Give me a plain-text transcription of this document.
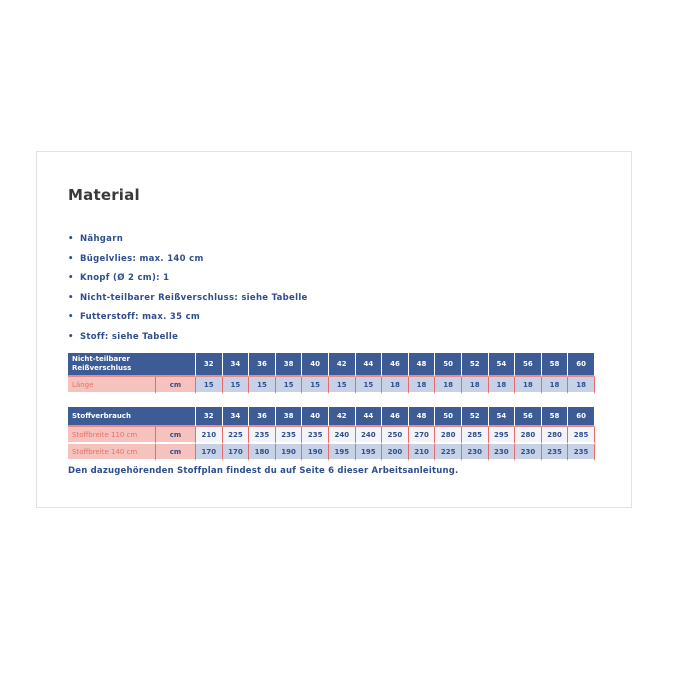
Material
• Nähgarn
• Bügelvlies: max. 140 cm
• Knopf (Ø 2 cm): 1
• Nicht-teilbarer Reißverschluss: siehe Tabelle
• Futterstoff: max. 35 cm
• Stoff: siehe Tabelle
Nicht-teilbarer
Reißverschluss		32	34	36	38	40	42	44	46	48	50	52	54	56	58	60
Länge	cm	15	15	15	15	15	15	15	18	18	18	18	18	18	18	18
Stoffverbrauch		32	34	36	38	40	42	44	46	48	50	52	54	56	58	60
Stoffbreite 110 cm	cm	210	225	235	235	235	240	240	250	270	280	285	295	280	280	285
Stoffbreite 140 cm	cm	170	170	180	190	190	195	195	200	210	225	230	230	230	235	235

Den dazugehörenden Stoffplan findest du auf Seite 6 dieser Arbeitsanleitung.
